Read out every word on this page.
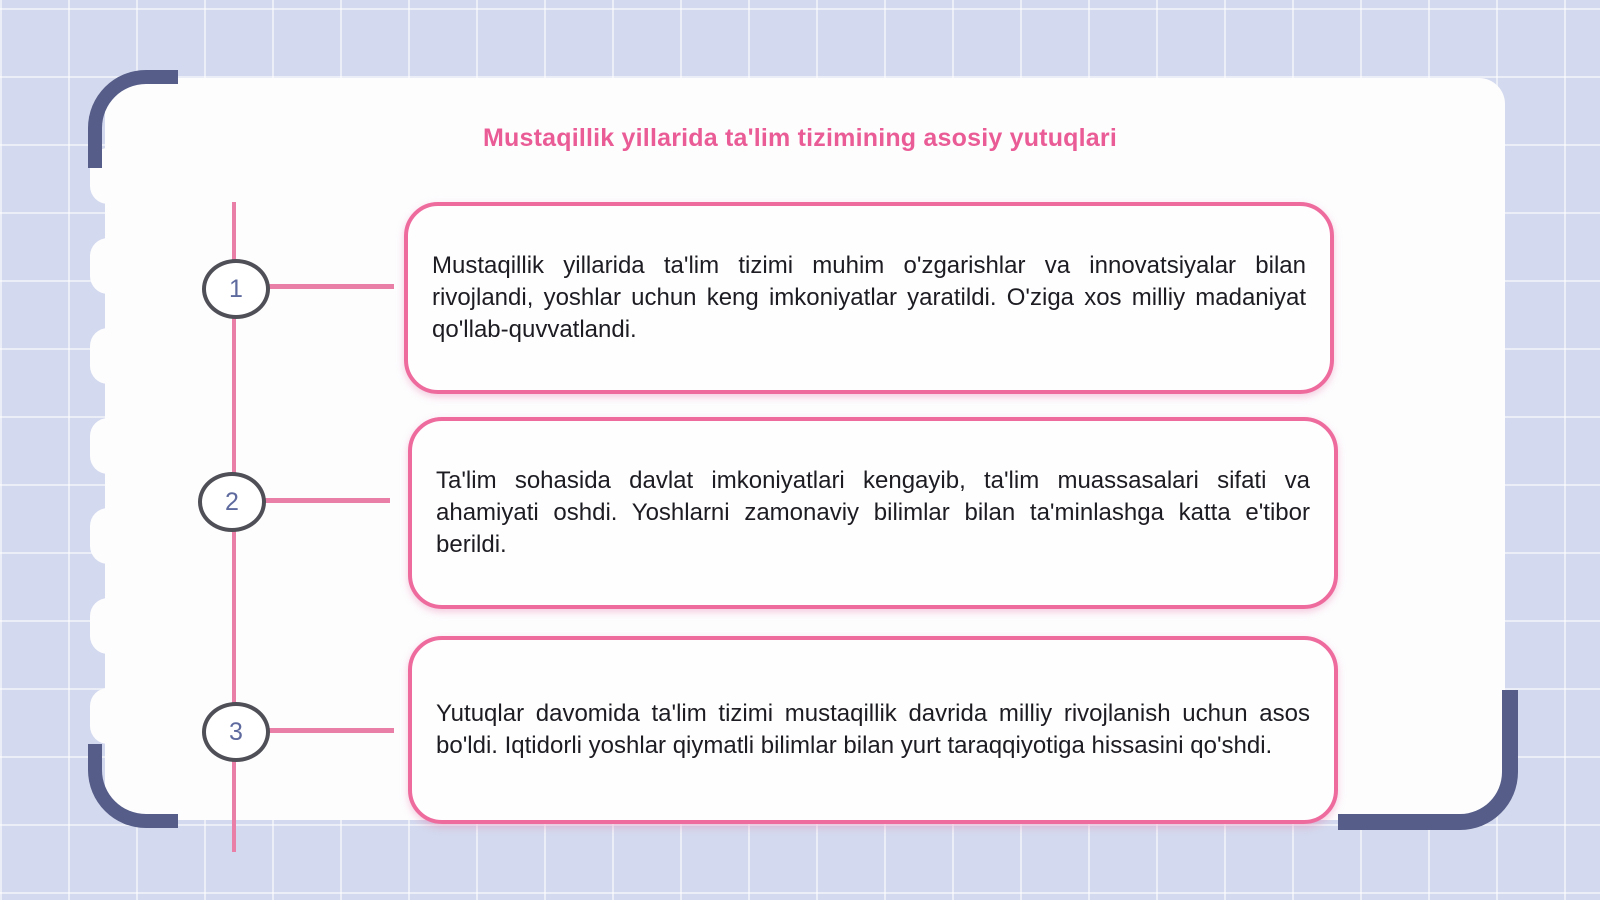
Mustaqillik yillarida ta'lim tizimining asosiy yutuqlari
1
2
3
Mustaqillik yillarida ta'lim tizimi muhim o'zgarishlar va innovatsiyalar bilan rivojlandi, yoshlar uchun keng imkoniyatlar yaratildi. O'ziga xos milliy madaniyat qo'llab-quvvatlandi.
Ta'lim sohasida davlat imkoniyatlari kengayib, ta'lim muassasalari sifati va ahamiyati oshdi. Yoshlarni zamonaviy bilimlar bilan ta'minlashga katta e'tibor berildi.
Yutuqlar davomida ta'lim tizimi mustaqillik davrida milliy rivojlanish uchun asos bo'ldi. Iqtidorli yoshlar qiymatli bilimlar bilan yurt taraqqiyotiga hissasini qo'shdi.
